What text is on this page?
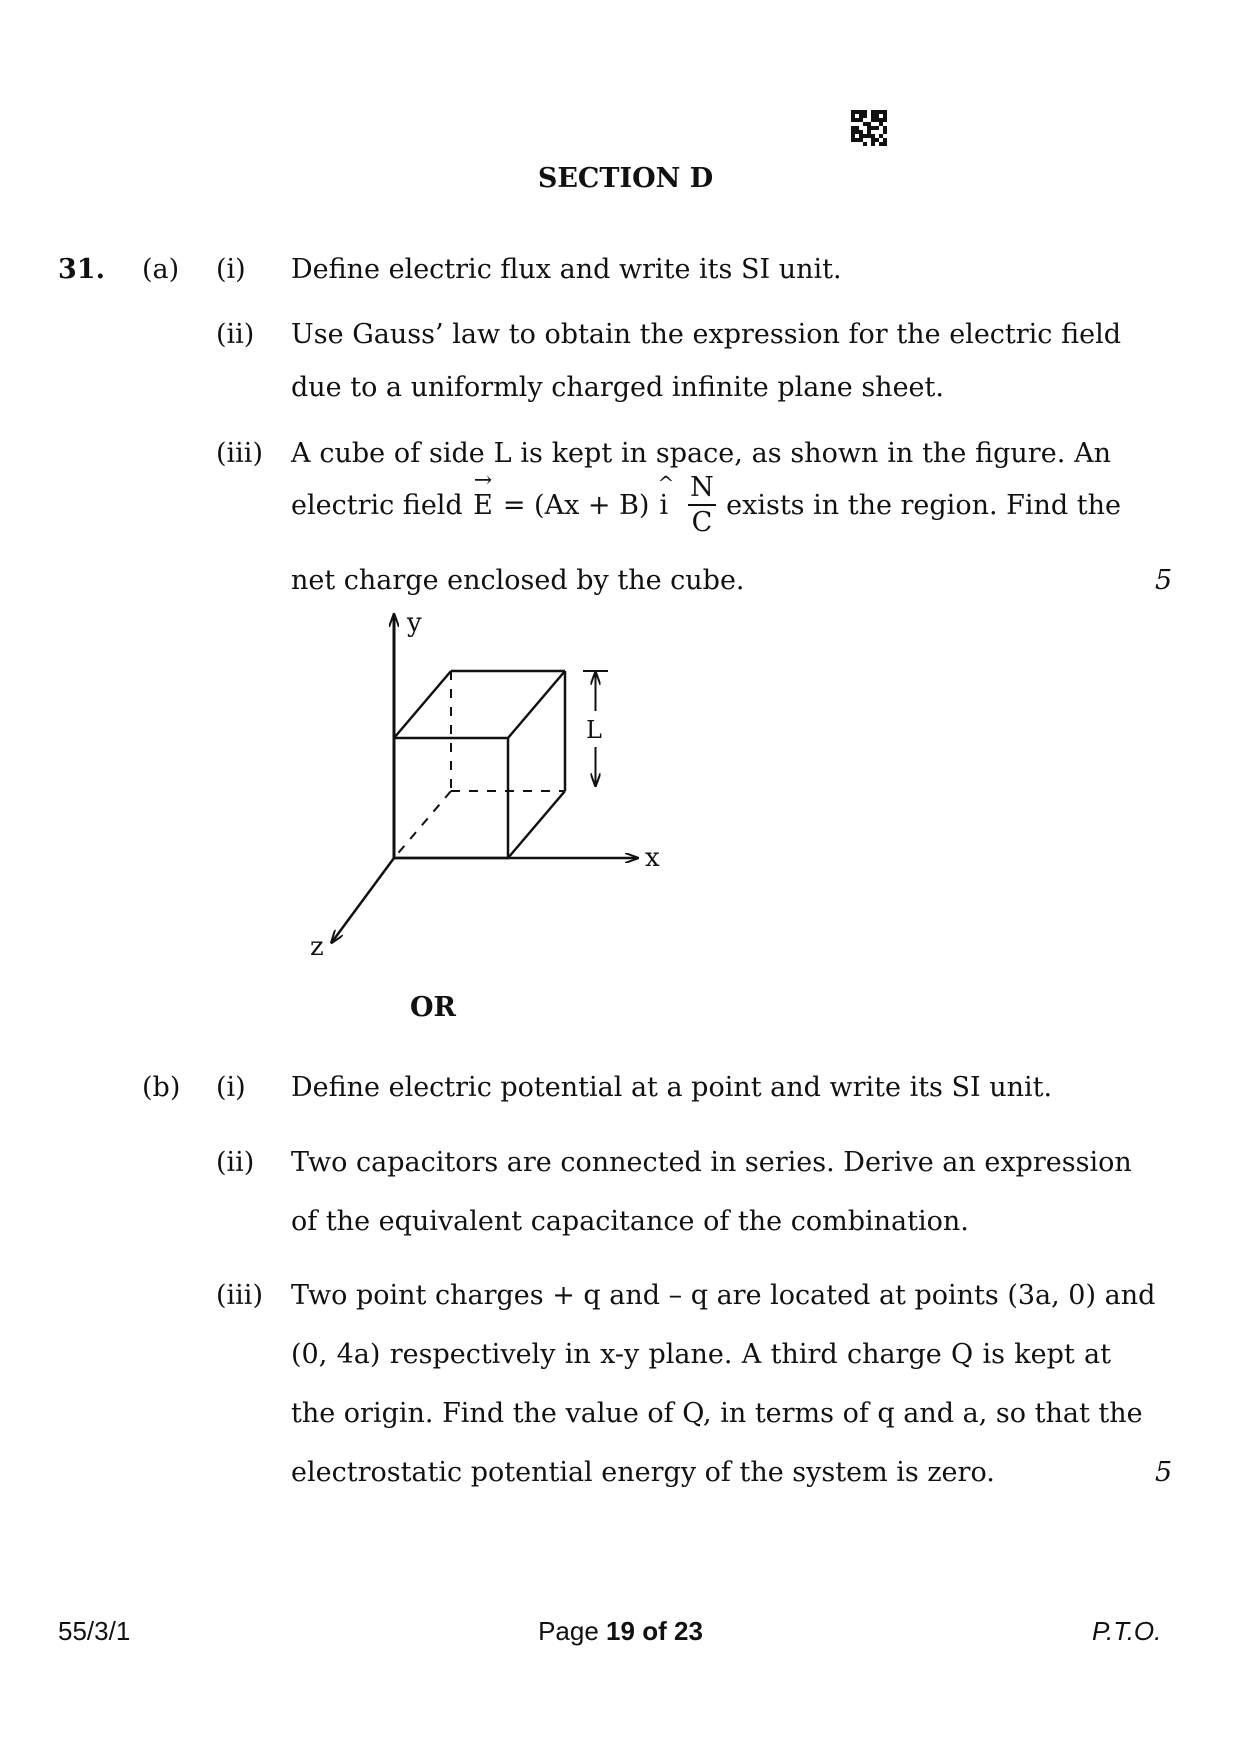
SECTION D
31. (a) (i) Define electric flux and write its SI unit.
(ii) Use Gauss’ law to obtain the expression for the electric field
due to a uniformly charged infinite plane sheet.
(iii) A cube of side L is kept in space, as shown in the figure. An
electric field
→
E = (Ax + B)
^
i $\frac{N}{C}$ exists in the region. Find the
net charge enclosed by the cube.	5
y
x
z
L
OR
(b) (i) Define electric potential at a point and write its SI unit.
(ii) Two capacitors are connected in series. Derive an expression
of the equivalent capacitance of the combination.
(iii) Two point charges + q and – q are located at points (3a, 0) and
(0, 4a) respectively in x-y plane. A third charge Q is kept at
the origin. Find the value of Q, in terms of q and a, so that the
electrostatic potential energy of the system is zero.	5
55/3/1	Page 19 of 23	P.T.O.
